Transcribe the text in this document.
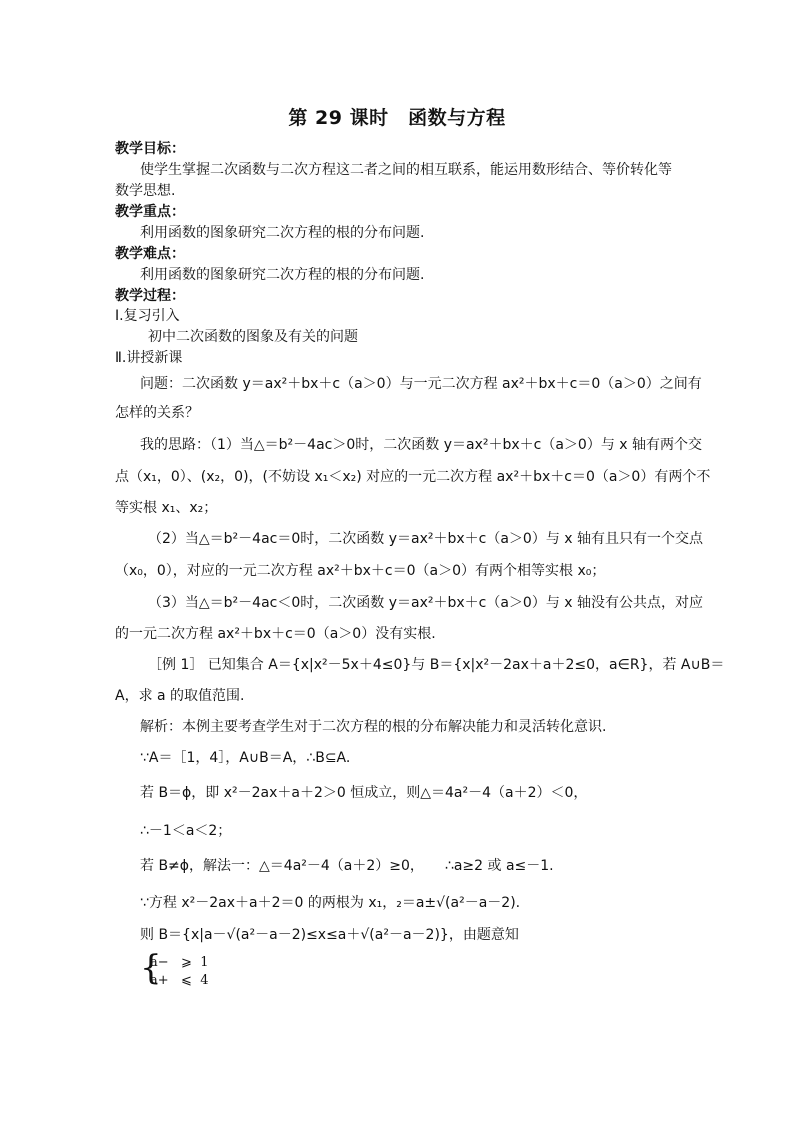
第 29 课时　函数与方程
教学目标：
使学生掌握二次函数与二次方程这二者之间的相互联系，能运用数形结合、等价转化等
数学思想.
教学重点：
利用函数的图象研究二次方程的根的分布问题.
教学难点：
利用函数的图象研究二次方程的根的分布问题.
教学过程：
Ⅰ.复习引入
初中二次函数的图象及有关的问题
Ⅱ.讲授新课
问题：二次函数 y＝ax²＋bx＋c（a＞0）与一元二次方程 ax²＋bx＋c＝0（a＞0）之间有
怎样的关系？
我的思路：（1）当△＝b²－4ac＞0时，二次函数 y＝ax²＋bx＋c（a＞0）与 x 轴有两个交
点（x₁，0）、(x₂，0)，(不妨设 x₁＜x₂) 对应的一元二次方程 ax²＋bx＋c＝0（a＞0）有两个不
等实根 x₁、x₂；
（2）当△＝b²－4ac＝0时，二次函数 y＝ax²＋bx＋c（a＞0）与 x 轴有且只有一个交点
（x₀，0），对应的一元二次方程 ax²＋bx＋c＝0（a＞0）有两个相等实根 x₀；
（3）当△＝b²－4ac＜0时，二次函数 y＝ax²＋bx＋c（a＞0）与 x 轴没有公共点，对应
的一元二次方程 ax²＋bx＋c＝0（a＞0）没有实根.
［例 1］ 已知集合 A＝{x|x²－5x＋4≤0}与 B＝{x|x²－2ax＋a＋2≤0，a∈R}，若 A∪B＝
A，求 a 的取值范围.
解析：本例主要考查学生对于二次方程的根的分布解决能力和灵活转化意识.
∵A＝［1，4］，A∪B＝A，∴B⊆A.
若 B＝ϕ，即 x²－2ax＋a＋2＞0 恒成立，则△＝4a²－4（a＋2）＜0，
∴－1＜a＜2；
若 B≠ϕ，解法一：△＝4a²－4（a＋2）≥0，　　∴a≥2 或 a≤－1.
∵方程 x²－2ax＋a＋2＝0 的两根为 x₁，₂＝a±√(a²－a－2).
则 B＝{x|a－√(a²－a－2)≤x≤a＋√(a²－a－2)}，由题意知
{
a−   ⩾  1
a+   ⩽  4
